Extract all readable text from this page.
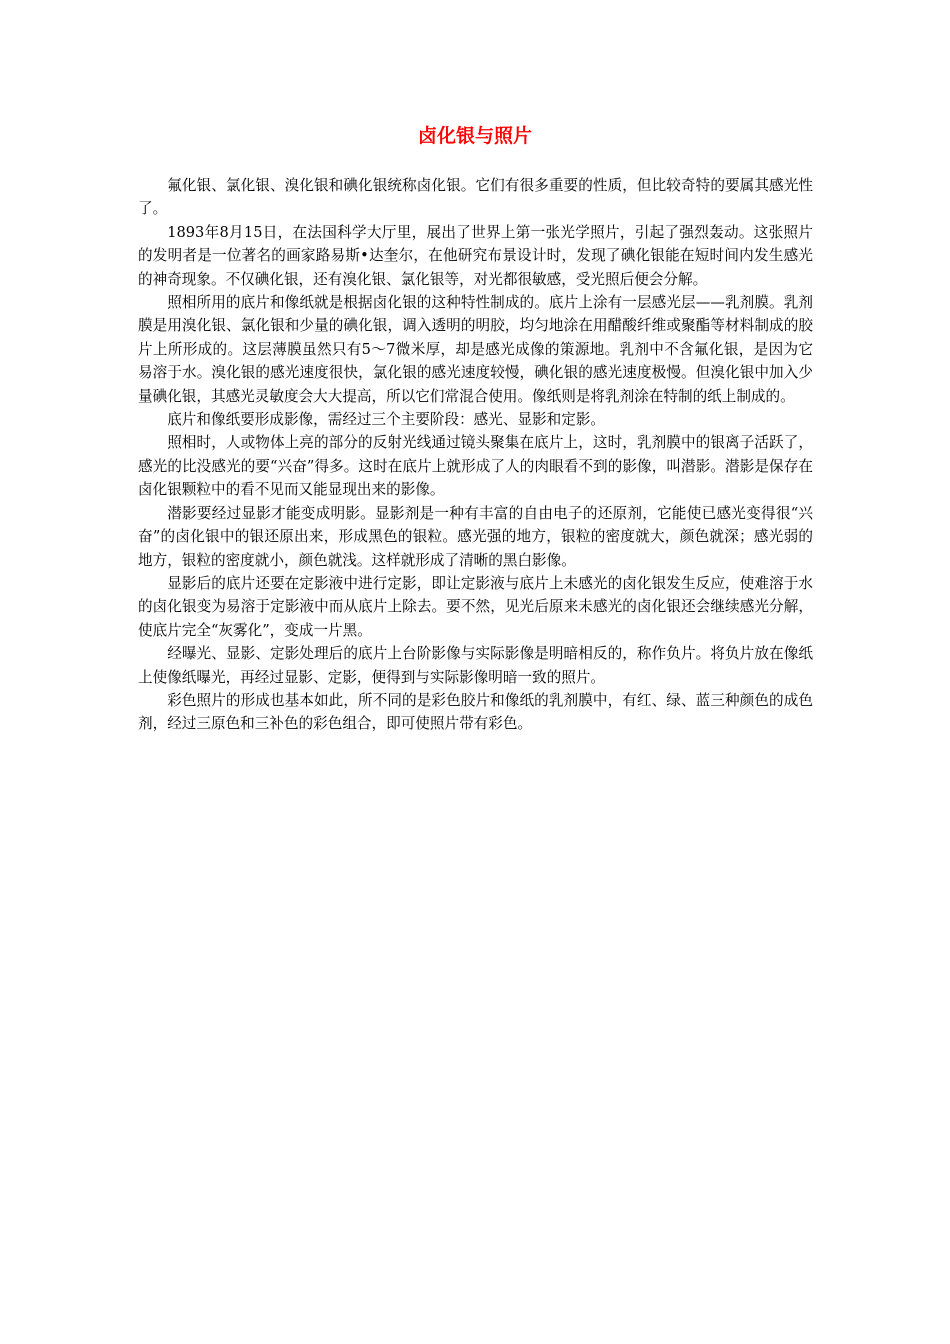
卤化银与照片

氟化银、氯化银、溴化银和碘化银统称卤化银。它们有很多重要的性质，但比较奇特的要属其感光性了。

1893年8月15日，在法国科学大厅里，展出了世界上第一张光学照片，引起了强烈轰动。这张照片的发明者是一位著名的画家路易斯•达奎尔，在他研究布景设计时，发现了碘化银能在短时间内发生感光的神奇现象。不仅碘化银，还有溴化银、氯化银等，对光都很敏感，受光照后便会分解。

照相所用的底片和像纸就是根据卤化银的这种特性制成的。底片上涂有一层感光层——乳剂膜。乳剂膜是用溴化银、氯化银和少量的碘化银，调入透明的明胶，均匀地涂在用醋酸纤维或聚酯等材料制成的胶片上所形成的。这层薄膜虽然只有5～7微米厚，却是感光成像的策源地。乳剂中不含氟化银，是因为它易溶于水。溴化银的感光速度很快，氯化银的感光速度较慢，碘化银的感光速度极慢。但溴化银中加入少量碘化银，其感光灵敏度会大大提高，所以它们常混合使用。像纸则是将乳剂涂在特制的纸上制成的。

底片和像纸要形成影像，需经过三个主要阶段：感光、显影和定影。

照相时，人或物体上亮的部分的反射光线通过镜头聚集在底片上，这时，乳剂膜中的银离子活跃了，感光的比没感光的要“兴奋”得多。这时在底片上就形成了人的肉眼看不到的影像，叫潜影。潜影是保存在卤化银颗粒中的看不见而又能显现出来的影像。

潜影要经过显影才能变成明影。显影剂是一种有丰富的自由电子的还原剂，它能使已感光变得很“兴奋”的卤化银中的银还原出来，形成黑色的银粒。感光强的地方，银粒的密度就大，颜色就深；感光弱的地方，银粒的密度就小，颜色就浅。这样就形成了清晰的黑白影像。

显影后的底片还要在定影液中进行定影，即让定影液与底片上未感光的卤化银发生反应，使难溶于水的卤化银变为易溶于定影液中而从底片上除去。要不然，见光后原来未感光的卤化银还会继续感光分解，使底片完全“灰雾化”，变成一片黑。

经曝光、显影、定影处理后的底片上台阶影像与实际影像是明暗相反的，称作负片。将负片放在像纸上使像纸曝光，再经过显影、定影，便得到与实际影像明暗一致的照片。

彩色照片的形成也基本如此，所不同的是彩色胶片和像纸的乳剂膜中，有红、绿、蓝三种颜色的成色剂，经过三原色和三补色的彩色组合，即可使照片带有彩色。
